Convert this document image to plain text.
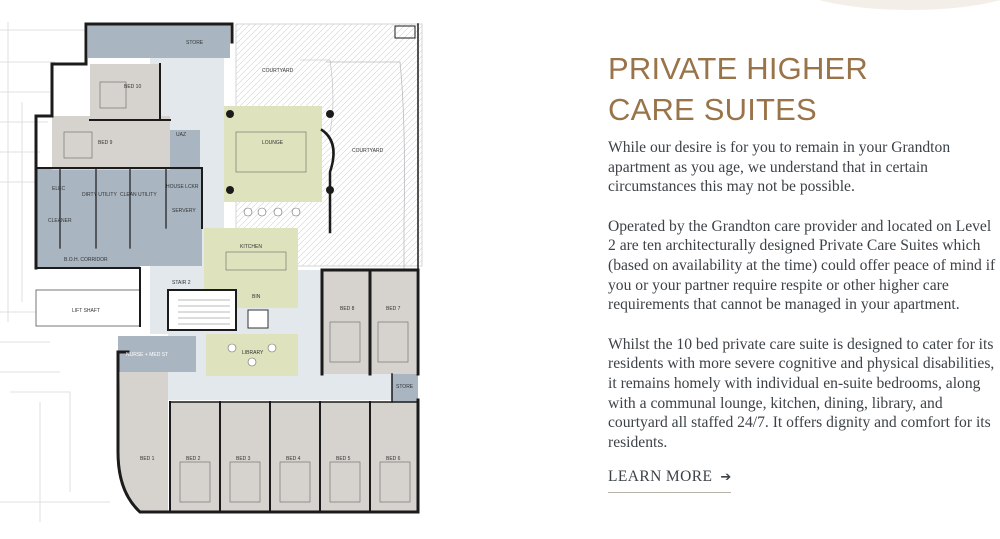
STORE
COURTYARD
COURTYARD
BED 10
BED 9	LOUNGE
UAZ
ELEC
DIRTY UTILITY CLEAN UTILITY
HOUSE LCKR
SERVERY
CLEANER
KITCHEN
B.O.H. CORRIDOR
LIFT SHAFT
STAIR 2
BIN
BED 8	BED 7
LIBRARY
NURSE + MED ST
STORE
BED 1	BED 2	BED 3	BED 4	BED 5	BED 6
PRIVATE HIGHER
CARE SUITES

While our desire is for you to remain in your Grandton apartment as you age, we understand that in certain circumstances this may not be possible.

Operated by the Grandton care provider and located on Level 2 are ten architecturally designed Private Care Suites which (based on availability at the time) could offer peace of mind if you or your partner require respite or other higher care requirements that cannot be managed in your apartment.

Whilst the 10 bed private care suite is designed to cater for its residents with more severe cognitive and physical disabilities, it remains homely with individual en-suite bedrooms, along with a communal lounge, kitchen, dining, library, and courtyard all staffed 24/7. It offers dignity and comfort for its residents.

LEARN MORE ➔
